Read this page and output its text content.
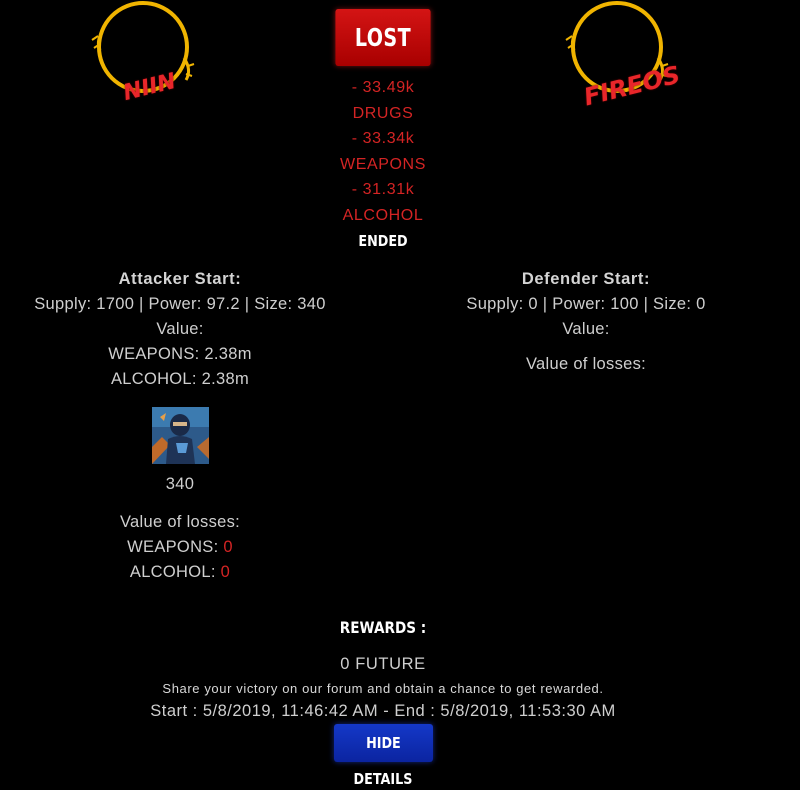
NIIN	FIREOS
LOST
- 33.49k
DRUGS
- 33.34k
WEAPONS
- 31.31k
ALCOHOL
ENDED
Attacker Start:
Supply: 1700 | Power: 97.2 | Size: 340
Value:
WEAPONS: 2.38m
ALCOHOL: 2.38m
340
Value of losses:
WEAPONS: 0
ALCOHOL: 0
Defender Start:
Supply: 0 | Power: 100 | Size: 0
Value:
Value of losses:
REWARDS :
0 FUTURE
Share your victory on our forum and obtain a chance to get rewarded.
Start : 5/8/2019, 11:46:42 AM - End : 5/8/2019, 11:53:30 AM
HIDE
DETAILS
